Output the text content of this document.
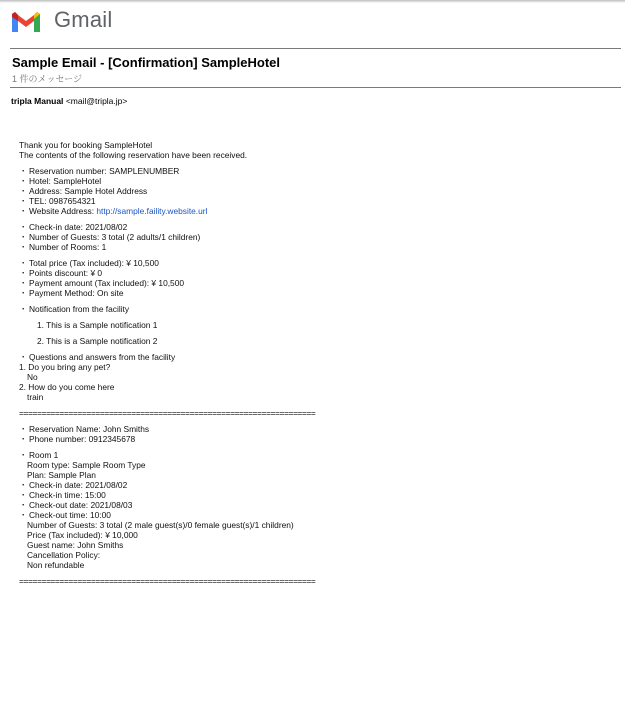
Gmail
Sample Email - [Confirmation] SampleHotel
1 件のメッセージ
tripla Manual <mail@tripla.jp>
Thank you for booking SampleHotel
The contents of the following reservation have been received.
・ Reservation number: SAMPLENUMBER
・ Hotel: SampleHotel
・ Address: Sample Hotel Address
・ TEL: 0987654321
・ Website Address: http://sample.faility.website.url
・ Check-in date: 2021/08/02
・ Number of Guests: 3 total (2 adults/1 children)
・ Number of Rooms: 1
・ Total price (Tax included): ¥ 10,500
・ Points discount: ¥ 0
・ Payment amount (Tax included): ¥ 10,500
・ Payment Method: On site
・ Notification from the facility
1. This is a Sample notification 1
2. This is a Sample notification 2
・ Questions and answers from the facility
1. Do you bring any pet?
No
2. How do you come here
train
==================================================================
・ Reservation Name: John Smiths
・ Phone number: 0912345678
・ Room 1
Room type: Sample Room Type
Plan: Sample Plan
・ Check-in date: 2021/08/02
・ Check-in time: 15:00
・ Check-out date: 2021/08/03
・ Check-out time: 10:00
Number of Guests: 3 total (2 male guest(s)/0 female guest(s)/1 children)
Price (Tax included): ¥ 10,000
Guest name: John Smiths
Cancellation Policy:
Non refundable
==================================================================
